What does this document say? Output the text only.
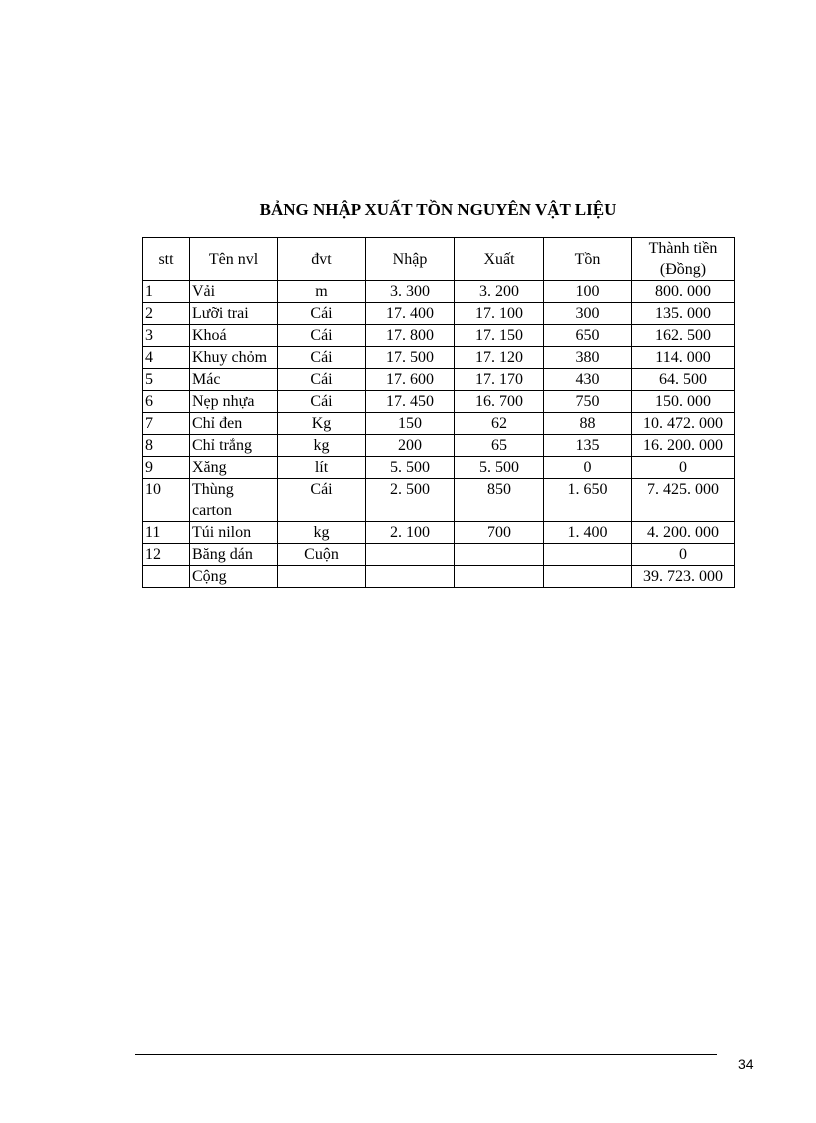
BẢNG NHẬP XUẤT TỒN NGUYÊN VẬT LIỆU
stt	Tên nvl	đvt	Nhập	Xuất	Tồn	Thành tiền (Đồng)
1	Vải	m	3. 300	3. 200	100	800. 000
2	Lưỡi trai	Cái	17. 400	17. 100	300	135. 000
3	Khoá	Cái	17. 800	17. 150	650	162. 500
4	Khuy chỏm	Cái	17. 500	17. 120	380	114. 000
5	Mác	Cái	17. 600	17. 170	430	64. 500
6	Nẹp nhựa	Cái	17. 450	16. 700	750	150. 000
7	Chỉ đen	Kg	150	62	88	10. 472. 000
8	Chỉ trắng	kg	200	65	135	16. 200. 000
9	Xăng	lít	5. 500	5. 500	0	0
10	Thùng carton	Cái	2. 500	850	1. 650	7. 425. 000
11	Túi nilon	kg	2. 100	700	1. 400	4. 200. 000
12	Băng dán	Cuộn				0
	Cộng					39. 723. 000
34
